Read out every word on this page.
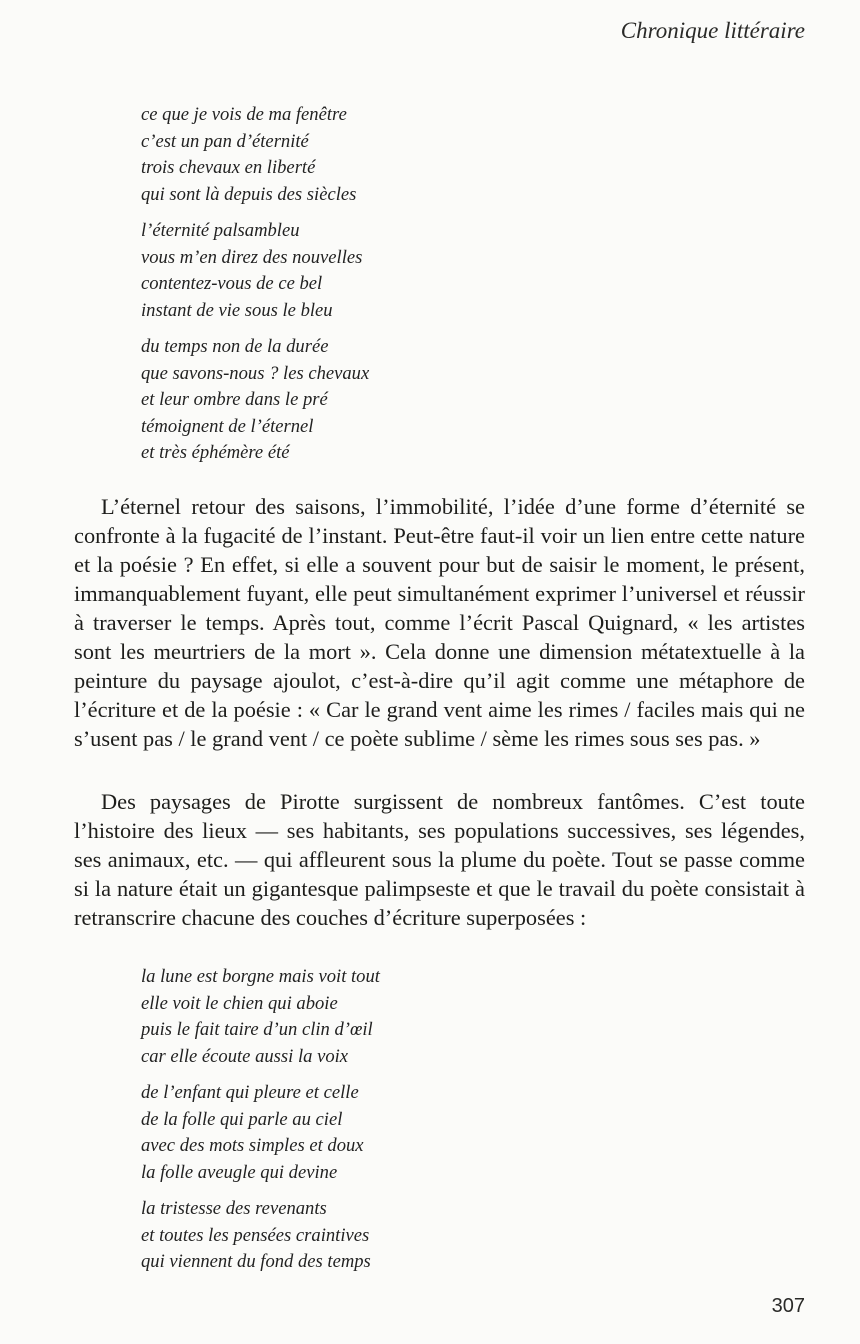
Chronique littéraire
ce que je vois de ma fenêtre
c’est un pan d’éternité
trois chevaux en liberté
qui sont là depuis des siècles
l’éternité palsambleu
vous m’en direz des nouvelles
contentez-vous de ce bel
instant de vie sous le bleu
du temps non de la durée
que savons-nous ? les chevaux
et leur ombre dans le pré
témoignent de l’éternel
et très éphémère été

L’éternel retour des saisons, l’immobilité, l’idée d’une forme d’éternité se confronte à la fugacité de l’instant. Peut-être faut-il voir un lien entre cette nature et la poésie ? En effet, si elle a souvent pour but de saisir le moment, le présent, immanquablement fuyant, elle peut simultanément exprimer l’universel et réussir à traverser le temps. Après tout, comme l’écrit Pascal Quignard, « les artistes sont les meurtriers de la mort ». Cela donne une dimension métatextuelle à la peinture du paysage ajoulot, c’est-à-dire qu’il agit comme une métaphore de l’écriture et de la poésie : « Car le grand vent aime les rimes / faciles mais qui ne s’usent pas / le grand vent / ce poète sublime / sème les rimes sous ses pas. »

Des paysages de Pirotte surgissent de nombreux fantômes. C’est toute l’histoire des lieux — ses habitants, ses populations successives, ses légendes, ses animaux, etc. — qui affleurent sous la plume du poète. Tout se passe comme si la nature était un gigantesque palimpseste et que le travail du poète consistait à retranscrire chacune des couches d’écriture superposées :

la lune est borgne mais voit tout
elle voit le chien qui aboie
puis le fait taire d’un clin d’œil
car elle écoute aussi la voix
de l’enfant qui pleure et celle
de la folle qui parle au ciel
avec des mots simples et doux
la folle aveugle qui devine
la tristesse des revenants
et toutes les pensées craintives
qui viennent du fond des temps

307
